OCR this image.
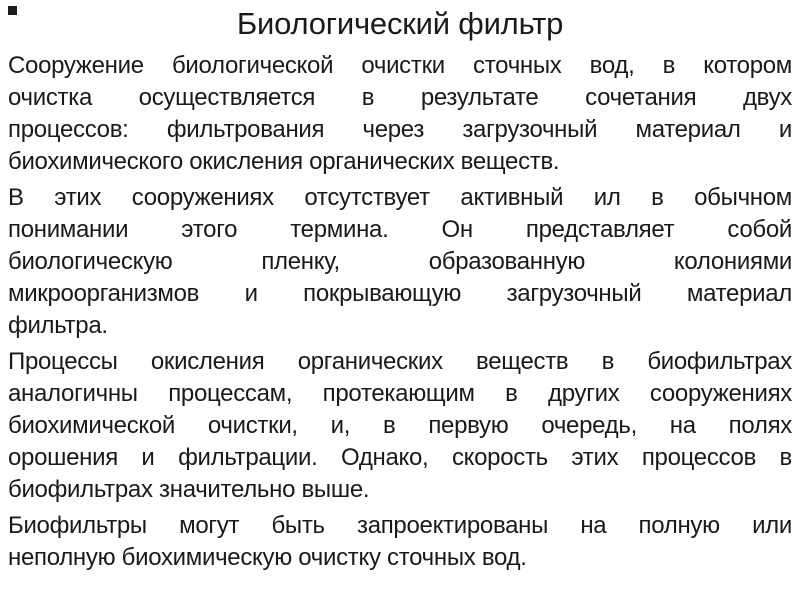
Биологический фильтр
Сооружение биологической очистки сточных вод, в котором
очистка осуществляется в результате сочетания двух
процессов: фильтрования через загрузочный материал и
биохимического окисления органических веществ.
В этих сооружениях отсутствует активный ил в обычном
понимании этого термина. Он представляет собой
биологическую пленку, образованную колониями
микроорганизмов и покрывающую загрузочный материал
фильтра.
Процессы окисления органических веществ в биофильтрах
аналогичны процессам, протекающим в других сооружениях
биохимической очистки, и, в первую очередь, на полях
орошения и фильтрации. Однако, скорость этих процессов в
биофильтрах значительно выше.
Биофильтры могут быть запроектированы на полную или
неполную биохимическую очистку сточных вод.
